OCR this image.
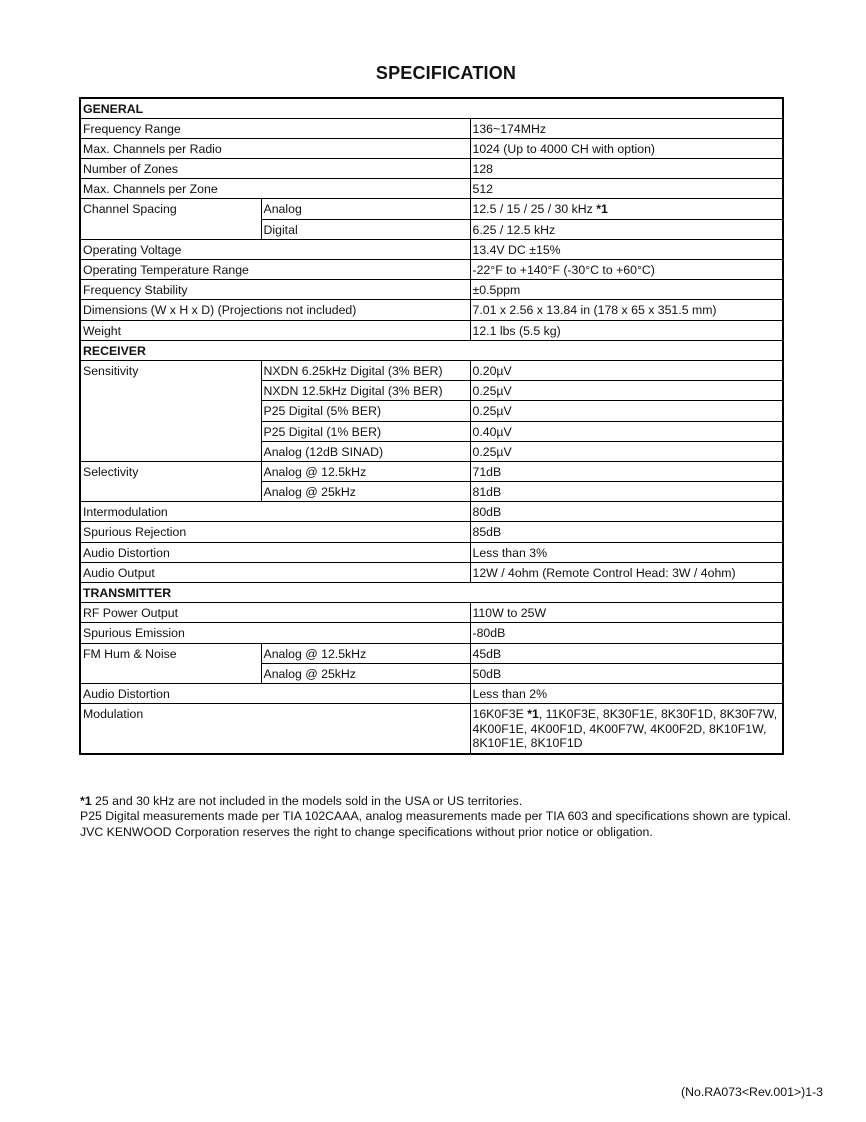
SPECIFICATION
GENERAL		
Frequency Range		136~174MHz
Max. Channels per Radio		1024 (Up to 4000 CH with option)
Number of Zones		128
Max. Channels per Zone		512
Channel Spacing	Analog	12.5 / 15 / 25 / 30 kHz *1
	Digital	6.25 / 12.5 kHz
Operating Voltage		13.4V DC ±15%
Operating Temperature Range		-22°F to +140°F (-30°C to +60°C)
Frequency Stability		±0.5ppm
Dimensions (W x H x D) (Projections not included)		7.01 x 2.56 x 13.84 in (178 x 65 x 351.5 mm)
Weight		12.1 lbs (5.5 kg)
RECEIVER		
Sensitivity	NXDN 6.25kHz Digital (3% BER)	0.20µV
	NXDN 12.5kHz Digital (3% BER)	0.25µV
	P25 Digital (5% BER)	0.25µV
	P25 Digital (1% BER)	0.40µV
	Analog (12dB SINAD)	0.25µV
Selectivity	Analog @ 12.5kHz	71dB
	Analog @ 25kHz	81dB
Intermodulation		80dB
Spurious Rejection		85dB
Audio Distortion		Less than 3%
Audio Output		12W / 4ohm (Remote Control Head: 3W / 4ohm)
TRANSMITTER		
RF Power Output		110W to 25W
Spurious Emission		-80dB
FM Hum & Noise	Analog @ 12.5kHz	45dB
	Analog @ 25kHz	50dB
Audio Distortion		Less than 2%
Modulation		16K0F3E *1, 11K0F3E, 8K30F1E, 8K30F1D, 8K30F7W, 4K00F1E, 4K00F1D, 4K00F7W, 4K00F2D, 8K10F1W, 8K10F1E, 8K10F1D
*1 25 and 30 kHz are not included in the models sold in the USA or US territories.
P25 Digital measurements made per TIA 102CAAA, analog measurements made per TIA 603 and specifications shown are typical.
JVC KENWOOD Corporation reserves the right to change specifications without prior notice or obligation.
(No.RA073<Rev.001>)1-3
